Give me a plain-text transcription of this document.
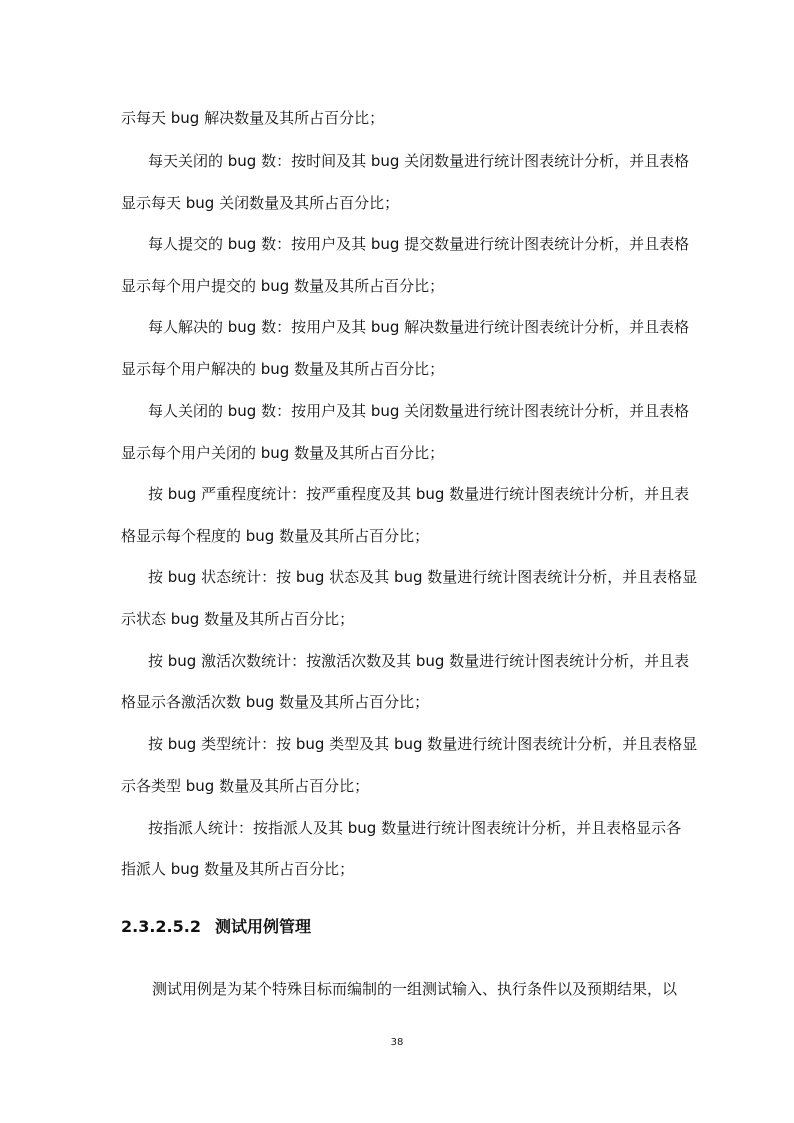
示每天 bug 解决数量及其所占百分比；
每天关闭的 bug 数：按时间及其 bug 关闭数量进行统计图表统计分析，并且表格
显示每天 bug 关闭数量及其所占百分比；
每人提交的 bug 数：按用户及其 bug 提交数量进行统计图表统计分析，并且表格
显示每个用户提交的 bug 数量及其所占百分比；
每人解决的 bug 数：按用户及其 bug 解决数量进行统计图表统计分析，并且表格
显示每个用户解决的 bug 数量及其所占百分比；
每人关闭的 bug 数：按用户及其 bug 关闭数量进行统计图表统计分析，并且表格
显示每个用户关闭的 bug 数量及其所占百分比；
按 bug 严重程度统计：按严重程度及其 bug 数量进行统计图表统计分析，并且表
格显示每个程度的 bug 数量及其所占百分比；
按 bug 状态统计：按 bug 状态及其 bug 数量进行统计图表统计分析，并且表格显
示状态 bug 数量及其所占百分比；
按 bug 激活次数统计：按激活次数及其 bug 数量进行统计图表统计分析，并且表
格显示各激活次数 bug 数量及其所占百分比；
按 bug 类型统计：按 bug 类型及其 bug 数量进行统计图表统计分析，并且表格显
示各类型 bug 数量及其所占百分比；
按指派人统计：按指派人及其 bug 数量进行统计图表统计分析，并且表格显示各
指派人 bug 数量及其所占百分比；
2.3.2.5.2 测试用例管理
测试用例是为某个特殊目标而编制的一组测试输入、执行条件以及预期结果，以
38
